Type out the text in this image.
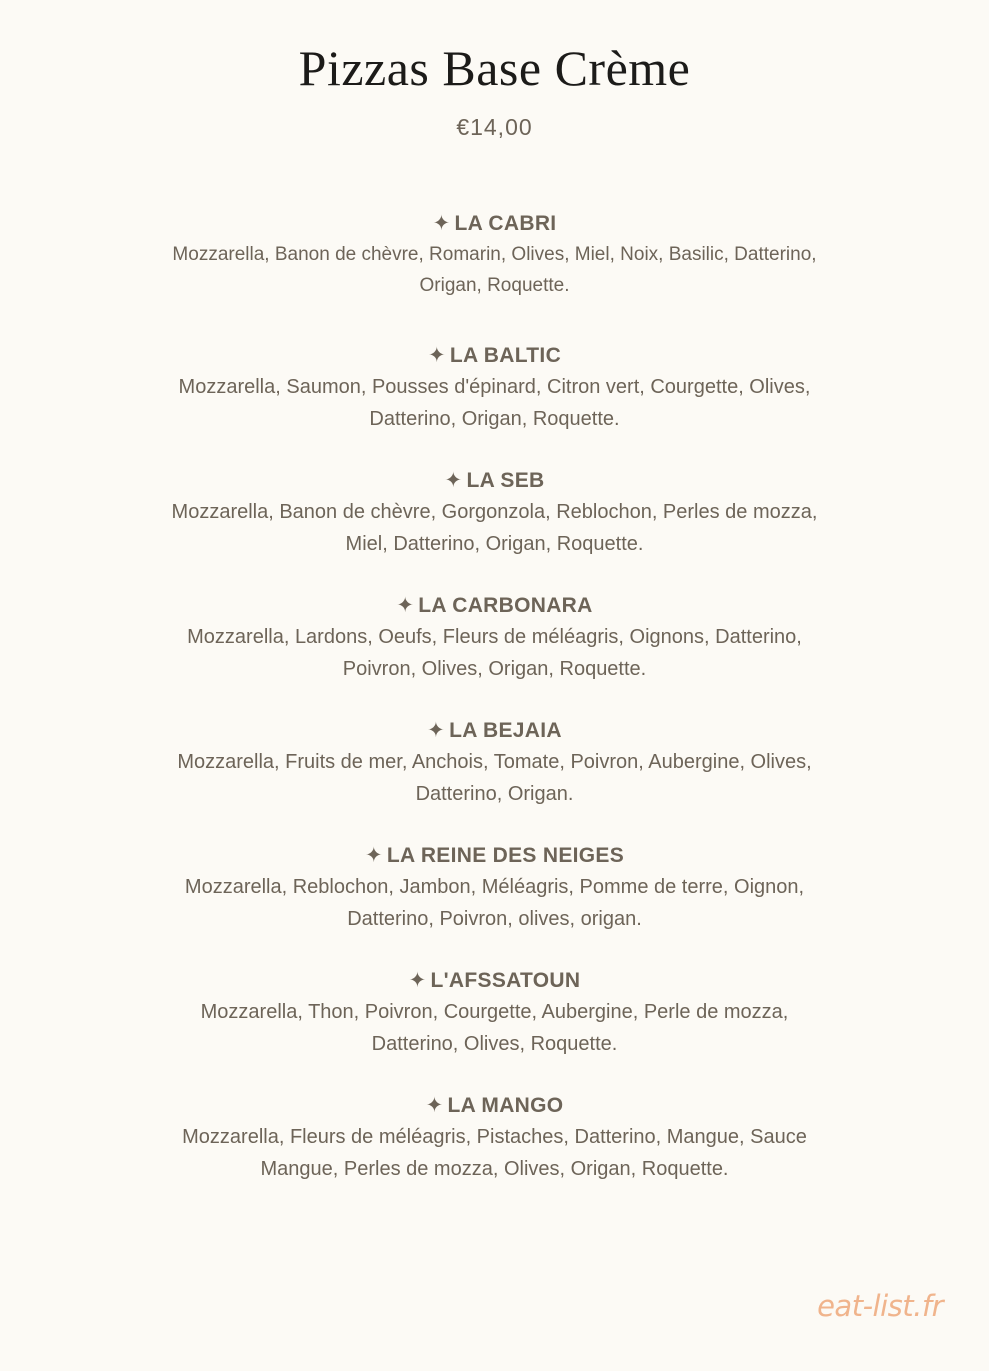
Pizzas Base Crème
€14,00
✦ LA CABRI
Mozzarella, Banon de chèvre, Romarin, Olives, Miel, Noix, Basilic, Datterino, Origan, Roquette.
✦ LA BALTIC
Mozzarella, Saumon, Pousses d'épinard, Citron vert, Courgette, Olives, Datterino, Origan, Roquette.
✦ LA SEB
Mozzarella, Banon de chèvre, Gorgonzola, Reblochon, Perles de mozza, Miel, Datterino, Origan, Roquette.
✦ LA CARBONARA
Mozzarella, Lardons, Oeufs, Fleurs de méléagris, Oignons, Datterino, Poivron, Olives, Origan, Roquette.
✦ LA BEJAIA
Mozzarella, Fruits de mer, Anchois, Tomate, Poivron, Aubergine, Olives, Datterino, Origan.
✦ LA REINE DES NEIGES
Mozzarella, Reblochon, Jambon, Méléagris, Pomme de terre, Oignon, Datterino, Poivron, olives, origan.
✦ L'AFSSATOUN
Mozzarella, Thon, Poivron, Courgette, Aubergine, Perle de mozza, Datterino, Olives, Roquette.
✦ LA MANGO
Mozzarella, Fleurs de méléagris, Pistaches, Datterino, Mangue, Sauce Mangue, Perles de mozza, Olives, Origan, Roquette.
eat-list.fr
